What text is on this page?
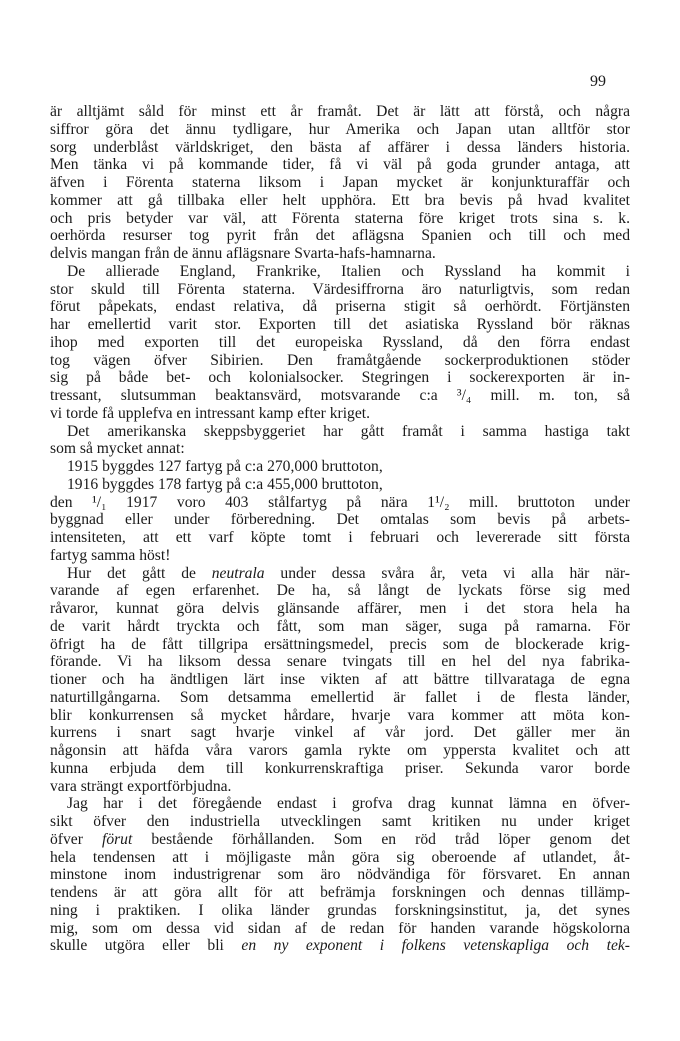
99
är alltjämt såld för minst ett år framåt. Det är lätt att förstå, och några
siffror göra det ännu tydligare, hur Amerika och Japan utan alltför stor
sorg underblåst världskriget, den bästa af affärer i dessa länders historia.
Men tänka vi på kommande tider, få vi väl på goda grunder antaga, att
äfven i Förenta staterna liksom i Japan mycket är konjunkturaffär och
kommer att gå tillbaka eller helt upphöra. Ett bra bevis på hvad kvalitet
och pris betyder var väl, att Förenta staterna före kriget trots sina s. k.
oerhörda resurser tog pyrit från det aflägsna Spanien och till och med
delvis mangan från de ännu aflägsnare Svarta-hafs-hamnarna.
De allierade England, Frankrike, Italien och Ryssland ha kommit i
stor skuld till Förenta staterna. Värdesiffrorna äro naturligtvis, som redan
förut påpekats, endast relativa, då priserna stigit så oerhördt. Förtjänsten
har emellertid varit stor. Exporten till det asiatiska Ryssland bör räknas
ihop med exporten till det europeiska Ryssland, då den förra endast
tog vägen öfver Sibirien. Den framåtgående sockerproduktionen stöder
sig på både bet- och kolonialsocker. Stegringen i sockerexporten är in-
tressant, slutsumman beaktansvärd, motsvarande c:a ³/₄ mill. m. ton, så
vi torde få upplefva en intressant kamp efter kriget.
Det amerikanska skeppsbyggeriet har gått framåt i samma hastiga takt
som så mycket annat:
1915 byggdes 127 fartyg på c:a 270,000 bruttoton,
1916 byggdes 178 fartyg på c:a 455,000 bruttoton,
den ¹/₁ 1917 voro 403 stålfartyg på nära 1¹/₂ mill. bruttoton under
byggnad eller under förberedning. Det omtalas som bevis på arbets-
intensiteten, att ett varf köpte tomt i februari och levererade sitt första
fartyg samma höst!
Hur det gått de neutrala under dessa svåra år, veta vi alla här när-
varande af egen erfarenhet. De ha, så långt de lyckats förse sig med
råvaror, kunnat göra delvis glänsande affärer, men i det stora hela ha
de varit hårdt tryckta och fått, som man säger, suga på ramarna. För
öfrigt ha de fått tillgripa ersättningsmedel, precis som de blockerade krig-
förande. Vi ha liksom dessa senare tvingats till en hel del nya fabrika-
tioner och ha ändtligen lärt inse vikten af att bättre tillvaratagа de egna
naturtillgångarna. Som detsamma emellertid är fallet i de flesta länder,
blir konkurrensen så mycket hårdare, hvarje vara kommer att möta kon-
kurrens i snart sagt hvarje vinkel af vår jord. Det gäller mer än
någonsin att häfda våra varors gamla rykte om yppersta kvalitet och att
kunna erbjuda dem till konkurrenskraftiga priser. Sekunda varor borde
vara strängt exportförbjudna.
Jag har i det föregående endast i grofva drag kunnat lämna en öfver-
sikt öfver den industriella utvecklingen samt kritiken nu under kriget
öfver förut bestående förhållanden. Som en röd tråd löper genom det
hela tendensen att i möjligaste mån göra sig oberoende af utlandet, åt-
minstone inom industrigrenar som äro nödvändiga för försvaret. En annan
tendens är att göra allt för att befrämja forskningen och dennas tillämp-
ning i praktiken. I olika länder grundas forskningsinstitut, ja, det synes
mig, som om dessa vid sidan af de redan för handen varande högskolorna
skulle utgöra eller bli en ny exponent i folkens vetenskapliga och tek-
